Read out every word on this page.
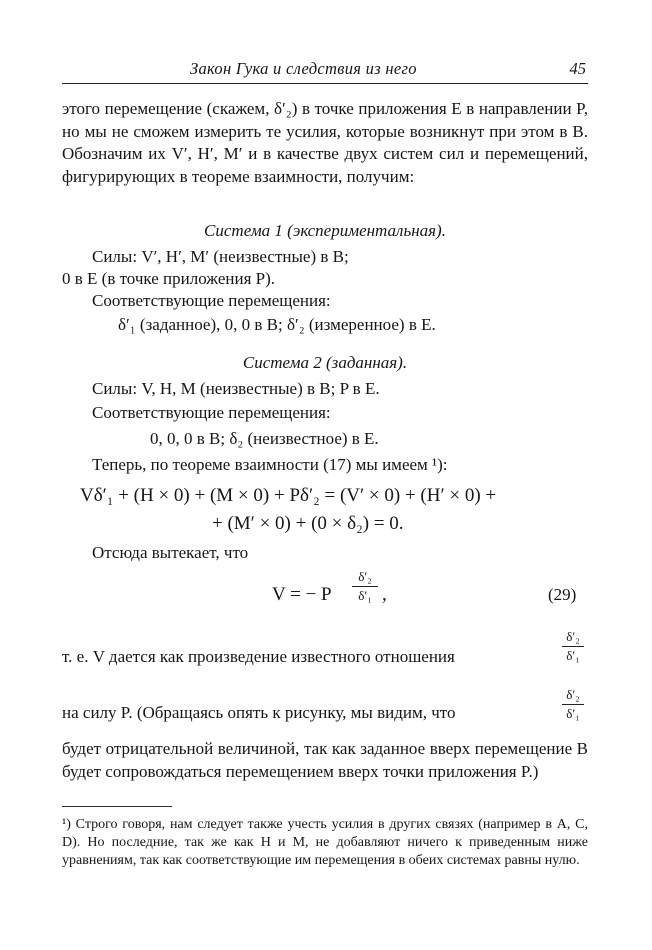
Закон Гука и следствия из него	45
этого перемещение (скажем, δ′₂) в точке приложения E в направлении P, но мы не сможем измерить те усилия, которые возникнут при этом в B. Обозначим их V′, H′, M′ и в качестве двух систем сил и перемещений, фигурирующих в теореме взаимности, получим:
Система 1 (экспериментальная).
Силы: V′, H′, M′ (неизвестные) в B;
0 в E (в точке приложения P).
Соответствующие перемещения:
δ′₁ (заданное), 0, 0 в B; δ′₂ (измеренное) в E.
Система 2 (заданная).
Силы: V, H, M (неизвестные) в B; P в E.
Соответствующие перемещения:
0, 0, 0 в B; δ₂ (неизвестное) в E.
Теперь, по теореме взаимности (17) мы имеем ¹):
Vδ′₁ + (H × 0) + (M × 0) + Pδ′₂ = (V′ × 0) + (H′ × 0) +
+ (M′ × 0) + (0 × δ₂) = 0.
Отсюда вытекает, что
V = − P
δ′₂
δ′₁ ,	(29)
т. е. V дается как произведение известного отношения
δ′₂
δ′₁
на силу P. (Обращаясь опять к рисунку, мы видим, что
δ′₂
δ′₁
будет отрицательной величиной, так как заданное вверх перемещение B будет сопровождаться перемещением вверх точки приложения P.)
¹) Строго говоря, нам следует также учесть усилия в других связях (например в A, C, D). Но последние, так же как H и M, не добавляют ничего к приведенным ниже уравнениям, так как соответствующие им перемещения в обеих системах равны нулю.
